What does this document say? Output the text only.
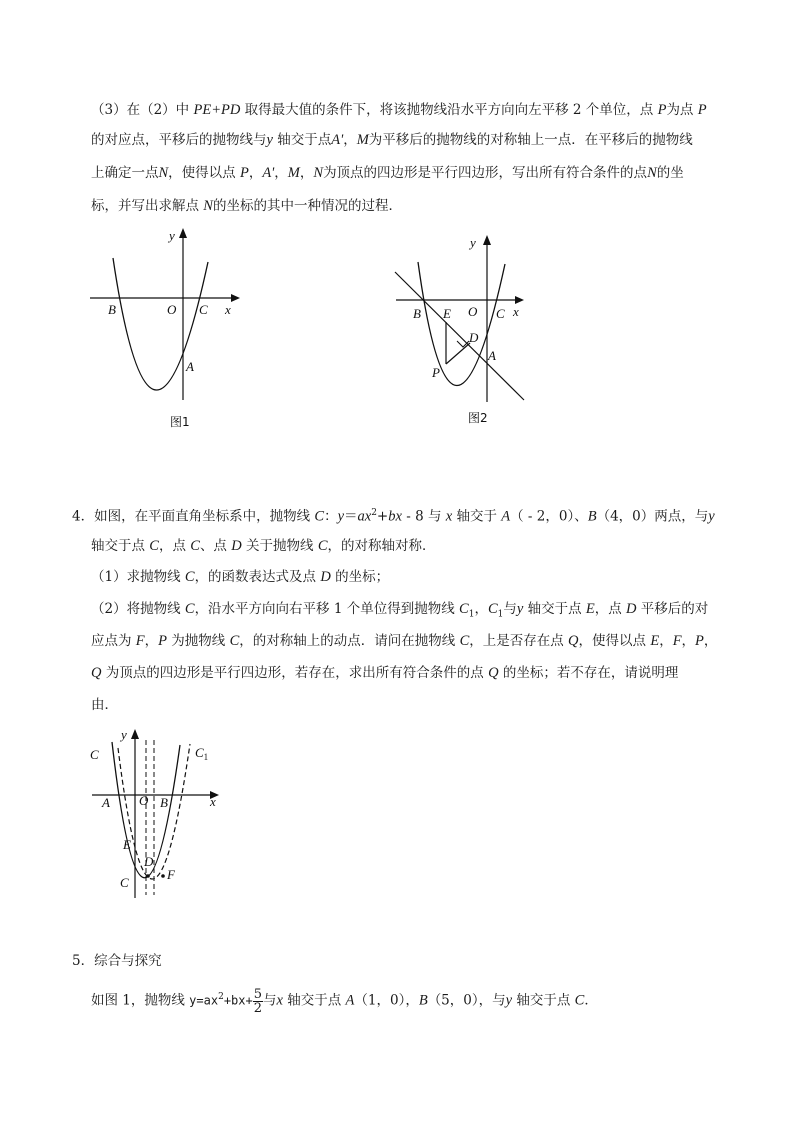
（3）在（2）中 PE+PD 取得最大值的条件下，将该抛物线沿水平方向向左平移 2 个单位，点 P为点 P
的对应点，平移后的抛物线与y 轴交于点A'，M为平移后的抛物线的对称轴上一点．在平移后的抛物线
上确定一点N，使得以点 P，A'，M，N为顶点的四边形是平行四边形，写出所有符合条件的点N的坐
标，并写出求解点 N的坐标的其中一种情况的过程．
y
x
B	O C
A
图1
y
x
B E O C
D
A
P
图2
4．如图，在平面直角坐标系中，抛物线 C：$y=ax^2+bx - 8$ 与 x 轴交于 A（ - 2，0）、B（4，0）两点，与y
轴交于点 C，点 C、点 D 关于抛物线 C，的对称轴对称．
（1）求抛物线 C，的函数表达式及点 D 的坐标；
（2）将抛物线 C，沿水平方向向右平移 1 个单位得到抛物线 $C_1$，$C_1$与y 轴交于点 E，点 D 平移后的对
应点为 F，P 为抛物线 C，的对称轴上的动点．请问在抛物线 C，上是否存在点 Q，使得以点 E，F，P，
Q 为顶点的四边形是平行四边形，若存在，求出所有符合条件的点 Q 的坐标；若不存在，请说明理
由．
C
y
$C_1$
A O B	x
E
D
C
F
5．综合与探究
如图 1，抛物线 $y=ax^2+bx+ \frac{5}{2}$ 与x 轴交于点 A（1，0），B（5，0），与y 轴交于点 C．
